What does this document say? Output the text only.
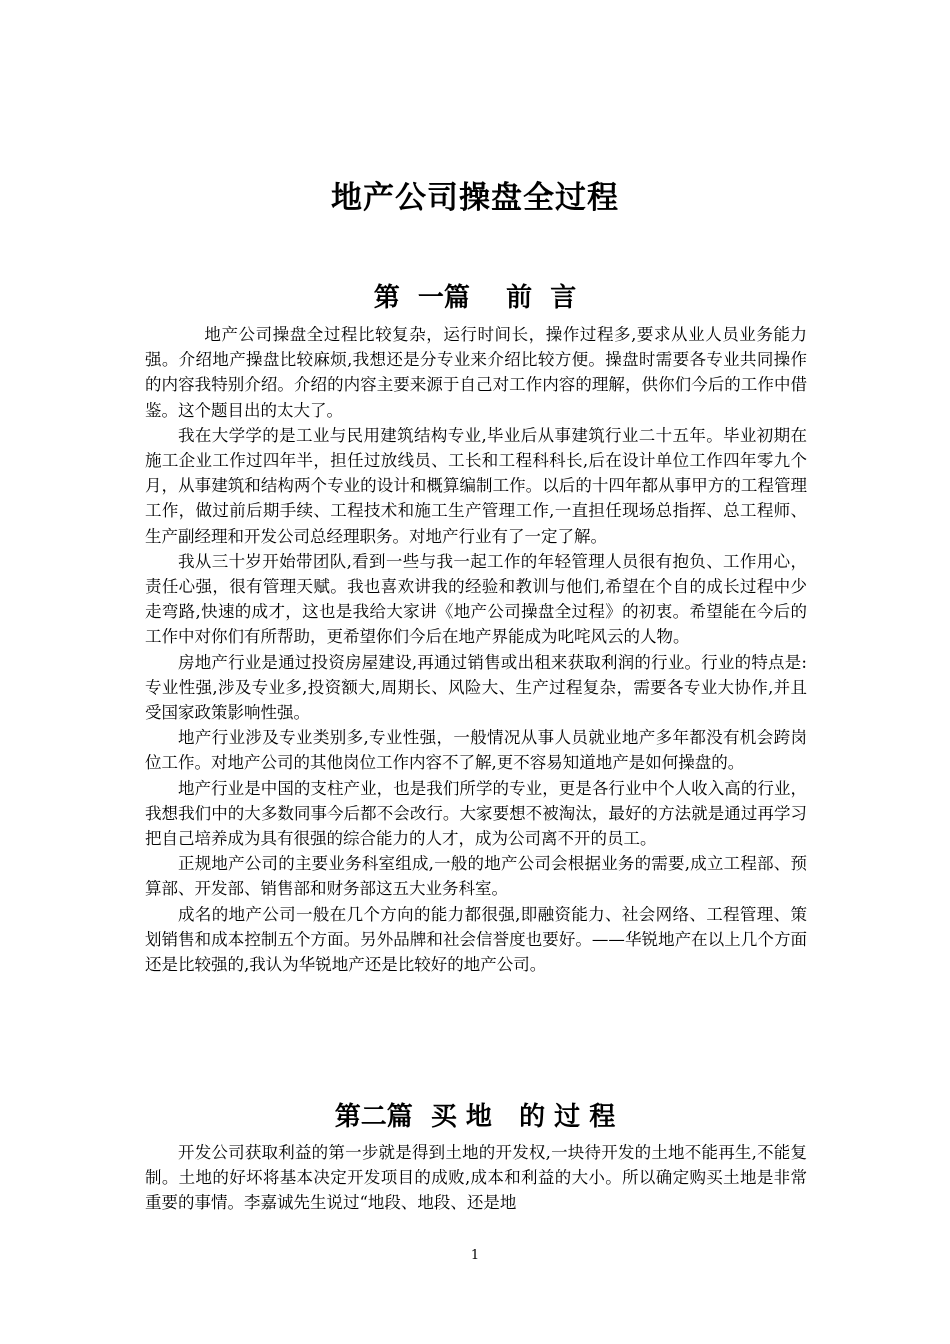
地产公司操盘全过程
第  一篇    前  言

地产公司操盘全过程比较复杂，运行时间长，操作过程多,要求从业人员业务能力强。介绍地产操盘比较麻烦,我想还是分专业来介绍比较方便。操盘时需要各专业共同操作的内容我特别介绍。介绍的内容主要来源于自己对工作内容的理解，供你们今后的工作中借鉴。这个题目出的太大了。

我在大学学的是工业与民用建筑结构专业,毕业后从事建筑行业二十五年。毕业初期在施工企业工作过四年半，担任过放线员、工长和工程科科长,后在设计单位工作四年零九个月，从事建筑和结构两个专业的设计和概算编制工作。以后的十四年都从事甲方的工程管理工作，做过前后期手续、工程技术和施工生产管理工作,一直担任现场总指挥、总工程师、生产副经理和开发公司总经理职务。对地产行业有了一定了解。

我从三十岁开始带团队,看到一些与我一起工作的年轻管理人员很有抱负、工作用心，责任心强，很有管理天赋。我也喜欢讲我的经验和教训与他们,希望在个自的成长过程中少走弯路,快速的成才，这也是我给大家讲《地产公司操盘全过程》的初衷。希望能在今后的工作中对你们有所帮助，更希望你们今后在地产界能成为叱咤风云的人物。

房地产行业是通过投资房屋建设,再通过销售或出租来获取利润的行业。行业的特点是:专业性强,涉及专业多,投资额大,周期长、风险大、生产过程复杂，需要各专业大协作,并且受国家政策影响性强。

地产行业涉及专业类别多,专业性强，一般情况从事人员就业地产多年都没有机会跨岗位工作。对地产公司的其他岗位工作内容不了解,更不容易知道地产是如何操盘的。

地产行业是中国的支柱产业，也是我们所学的专业，更是各行业中个人收入高的行业，我想我们中的大多数同事今后都不会改行。大家要想不被淘汰，最好的方法就是通过再学习把自己培养成为具有很强的综合能力的人才，成为公司离不开的员工。

正规地产公司的主要业务科室组成,一般的地产公司会根据业务的需要,成立工程部、预算部、开发部、销售部和财务部这五大业务科室。

成名的地产公司一般在几个方向的能力都很强,即融资能力、社会网络、工程管理、策划销售和成本控制五个方面。另外品牌和社会信誉度也要好。——华锐地产在以上几个方面还是比较强的,我认为华锐地产还是比较好的地产公司。

第二篇  买 地   的 过 程

开发公司获取利益的第一步就是得到土地的开发权,一块待开发的土地不能再生,不能复制。土地的好坏将基本决定开发项目的成败,成本和利益的大小。所以确定购买土地是非常重要的事情。李嘉诚先生说过“地段、地段、还是地

1
